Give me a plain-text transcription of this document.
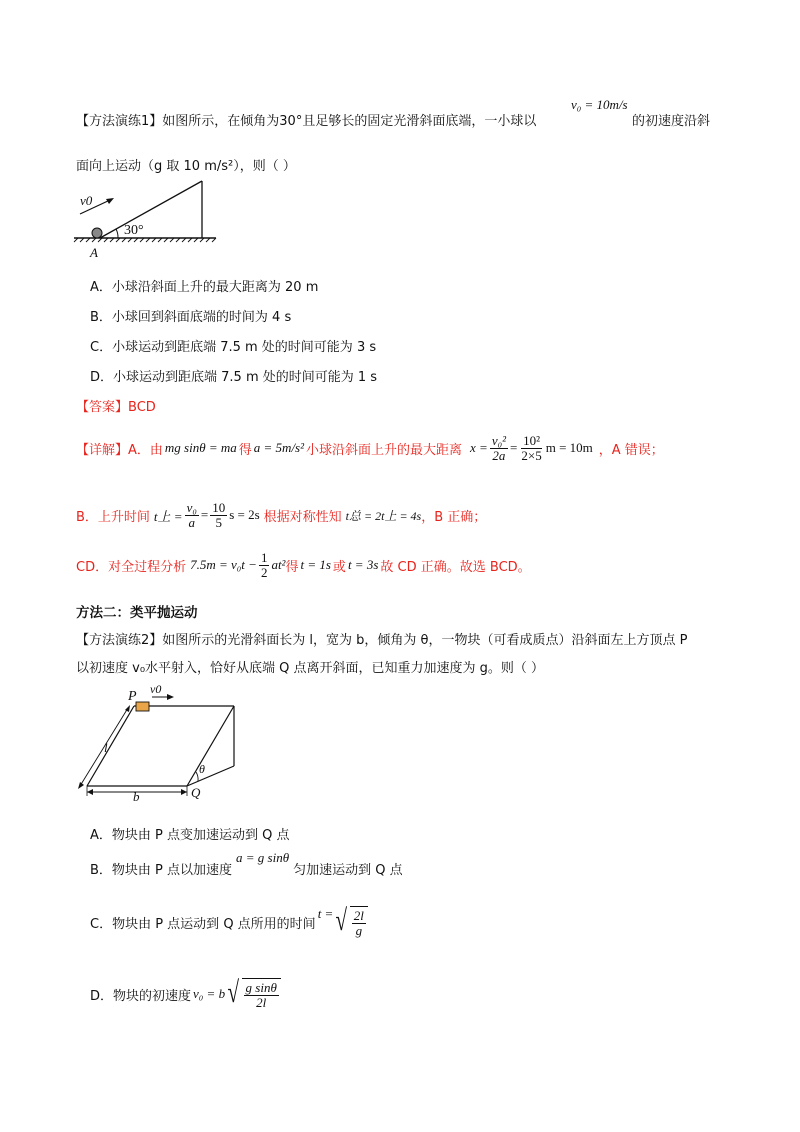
【方法演练1】如图所示，在倾角为30°且足够长的固定光滑斜面底端，一小球以
v₀ = 10m/s
的初速度沿斜
面向上运动（g 取 10 m/s²），则（ ）
v0
30°
A
A．小球沿斜面上升的最大距离为 20 m
B．小球回到斜面底端的时间为 4 s
C．小球运动到距底端 7.5 m 处的时间可能为 3 s
D．小球运动到距底端 7.5 m 处的时间可能为 1 s
【答案】BCD
【详解】A．由 mg sinθ = ma 得 a = 5m/s² 小球沿斜面上升的最大距离 $x = \frac{\text{v₀²}}{2a} = \frac{\text{10²}}{2\times 5}$ m = 10m ，A 错误；
B．上升时间 t上 = $\frac{\text{v₀}}{a} = \frac{10}{5}$ s = 2s 根据对称性知 t总 = 2t上 = 4s ，B 正确；
CD．对全过程分析 $7.5m = v_0t - \frac{1}{2} at^2$ 得 t = 1s 或 t = 3s 故 CD 正确。故选 BCD。
方法二：类平抛运动
【方法演练2】如图所示的光滑斜面长为 l，宽为 b，倾角为 θ，一物块（可看成质点）沿斜面左上方顶点 P
以初速度 v₀水平射入，恰好从底端 Q 点离开斜面，已知重力加速度为 g。则（ ）
P v0
l
b	Q
θ
A．物块由 P 点变加速运动到 Q 点
B．物块由 P 点以加速度
a = g sinθ
匀加速运动到 Q 点
C．物块由 P 点运动到 Q 点所用的时间
t = √ $\frac{2l}{g}$
D．物块的初速度 v₀ = b √ $\frac{\text{g sinθ}}{2l}$
